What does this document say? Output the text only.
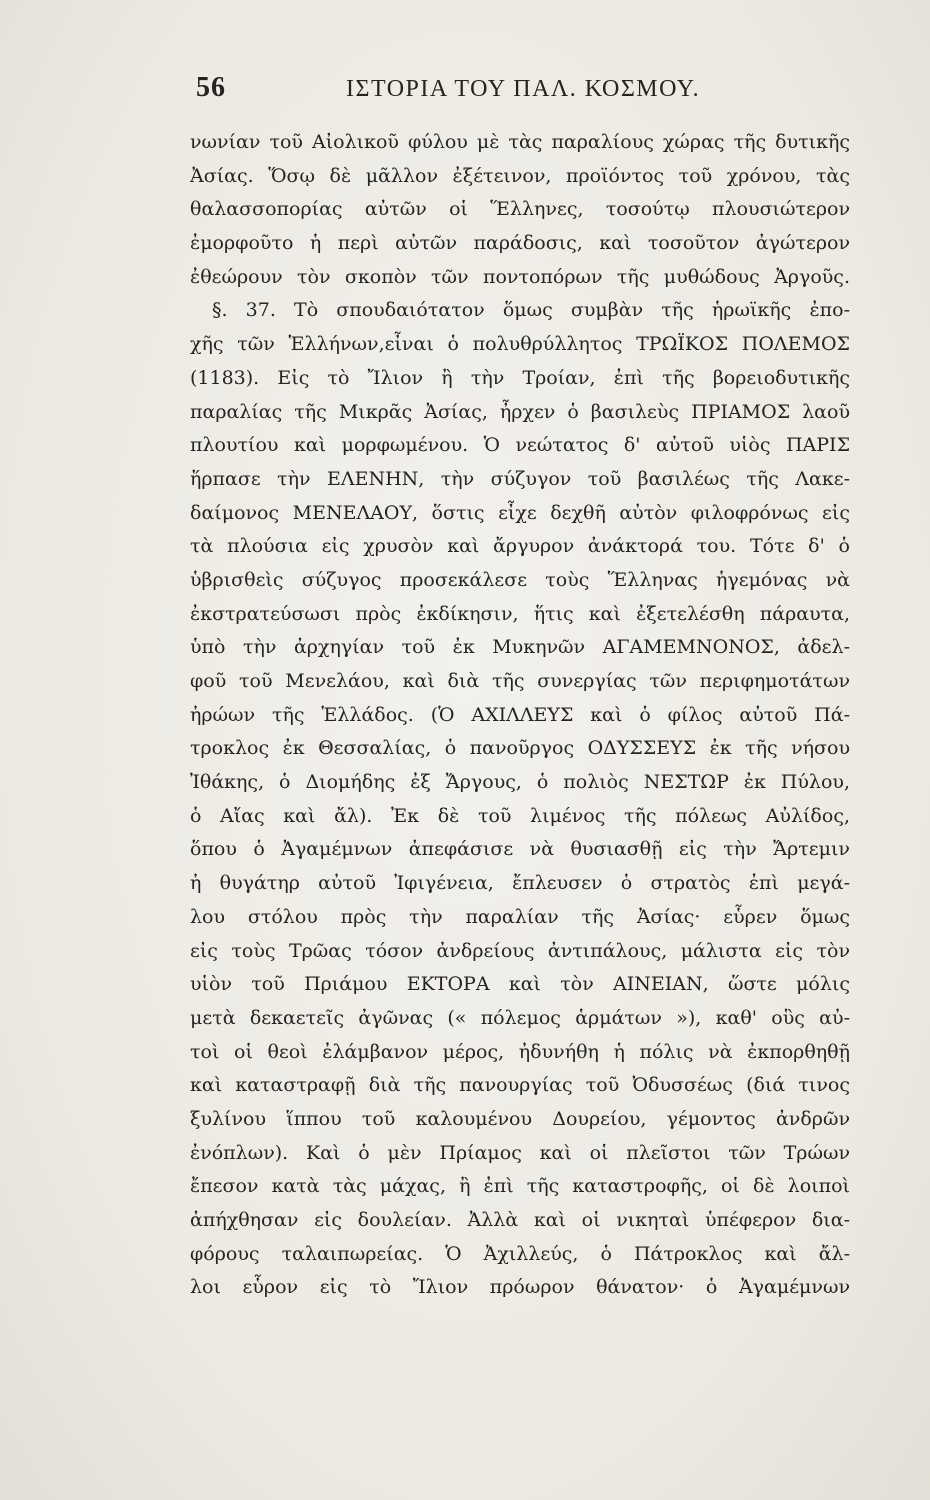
56	ΙΣΤΟΡΙΑ ΤΟΥ ΠΑΛ. ΚΟΣΜΟΥ.
νωνίαν τοῦ Αἰολικοῦ φύλου μὲ τὰς παραλίους χώρας τῆς δυτικῆς
Ἀσίας. Ὅσῳ δὲ μᾶλλον ἐξέτεινον, προϊόντος τοῦ χρόνου, τὰς
θαλασσοπορίας αὐτῶν οἱ Ἕλληνες, τοσούτῳ πλουσιώτερον
ἐμορφοῦτο ἡ περὶ αὐτῶν παράδοσις, καὶ τοσοῦτον ἀγώτερον
ἐθεώρουν τὸν σκοπὸν τῶν ποντοπόρων τῆς μυθώδους Ἀργοῦς.
§. 37. Τὸ σπουδαιότατον ὅμως συμβὰν τῆς ἡρωϊκῆς ἐπο-
χῆς τῶν Ἑλλήνων,εἶναι ὁ πολυθρύλλητος ΤΡΩΪΚΟΣ ΠΟΛΕΜΟΣ
(1183). Εἰς τὸ Ἴλιον ἢ τὴν Τροίαν, ἐπὶ τῆς βορειοδυτικῆς
παραλίας τῆς Μικρᾶς Ἀσίας, ἦρχεν ὁ βασιλεὺς ΠΡΙΑΜΟΣ λαοῦ
πλουτίου καὶ μορφωμένου. Ὁ νεώτατος δ' αὐτοῦ υἱὸς ΠΑΡΙΣ
ἥρπασε τὴν ΕΛΕΝΗΝ, τὴν σύζυγον τοῦ βασιλέως τῆς Λακε-
δαίμονος ΜΕΝΕΛΑΟΥ, ὅστις εἶχε δεχθῆ αὐτὸν φιλοφρόνως εἰς
τὰ πλούσια εἰς χρυσὸν καὶ ἄργυρον ἀνάκτορά του. Τότε δ' ὁ
ὑβρισθεὶς σύζυγος προσεκάλεσε τοὺς Ἕλληνας ἡγεμόνας νὰ
ἐκστρατεύσωσι πρὸς ἐκδίκησιν, ἥτις καὶ ἐξετελέσθη πάραυτα,
ὑπὸ τὴν ἀρχηγίαν τοῦ ἐκ Μυκηνῶν ΑΓΑΜΕΜΝΟΝΟΣ, ἀδελ-
φοῦ τοῦ Μενελάου, καὶ διὰ τῆς συνεργίας τῶν περιφημοτάτων
ἡρώων τῆς Ἑλλάδος. (Ὁ ΑΧΙΛΛΕΥΣ καὶ ὁ φίλος αὐτοῦ Πά-
τροκλος ἐκ Θεσσαλίας, ὁ πανοῦργος ΟΔΥΣΣΕΥΣ ἐκ τῆς νήσου
Ἰθάκης, ὁ Διομήδης ἐξ Ἄργους, ὁ πολιὸς ΝΕΣΤΩΡ ἐκ Πύλου,
ὁ Αἴας καὶ ἄλ). Ἐκ δὲ τοῦ λιμένος τῆς πόλεως Αὐλίδος,
ὅπου ὁ Ἀγαμέμνων ἀπεφάσισε νὰ θυσιασθῇ εἰς τὴν Ἄρτεμιν
ἡ θυγάτηρ αὐτοῦ Ἰφιγένεια, ἔπλευσεν ὁ στρατὸς ἐπὶ μεγά-
λου στόλου πρὸς τὴν παραλίαν τῆς Ἀσίας· εὗρεν ὅμως
εἰς τοὺς Τρῶας τόσον ἀνδρείους ἀντιπάλους, μάλιστα εἰς τὸν
υἱὸν τοῦ Πριάμου ΕΚΤΟΡΑ καὶ τὸν ΑΙΝΕΙΑΝ, ὥστε μόλις
μετὰ δεκαετεῖς ἀγῶνας (« πόλεμος ἁρμάτων »), καθ' οὓς αὐ-
τοὶ οἱ θεοὶ ἐλάμβανον μέρος, ἠδυνήθη ἡ πόλις νὰ ἐκπορθηθῇ
καὶ καταστραφῇ διὰ τῆς πανουργίας τοῦ Ὀδυσσέως (διά τινος
ξυλίνου ἵππου τοῦ καλουμένου Δουρείου, γέμοντος ἀνδρῶν
ἐνόπλων). Καὶ ὁ μὲν Πρίαμος καὶ οἱ πλεῖστοι τῶν Τρώων
ἔπεσον κατὰ τὰς μάχας, ἢ ἐπὶ τῆς καταστροφῆς, οἱ δὲ λοιποὶ
ἀπήχθησαν εἰς δουλείαν. Ἀλλὰ καὶ οἱ νικηταὶ ὑπέφερον δια-
φόρους ταλαιπωρείας. Ὁ Ἀχιλλεύς, ὁ Πάτροκλος καὶ ἄλ-
λοι εὗρον εἰς τὸ Ἴλιον πρόωρον θάνατον· ὁ Ἀγαμέμνων
